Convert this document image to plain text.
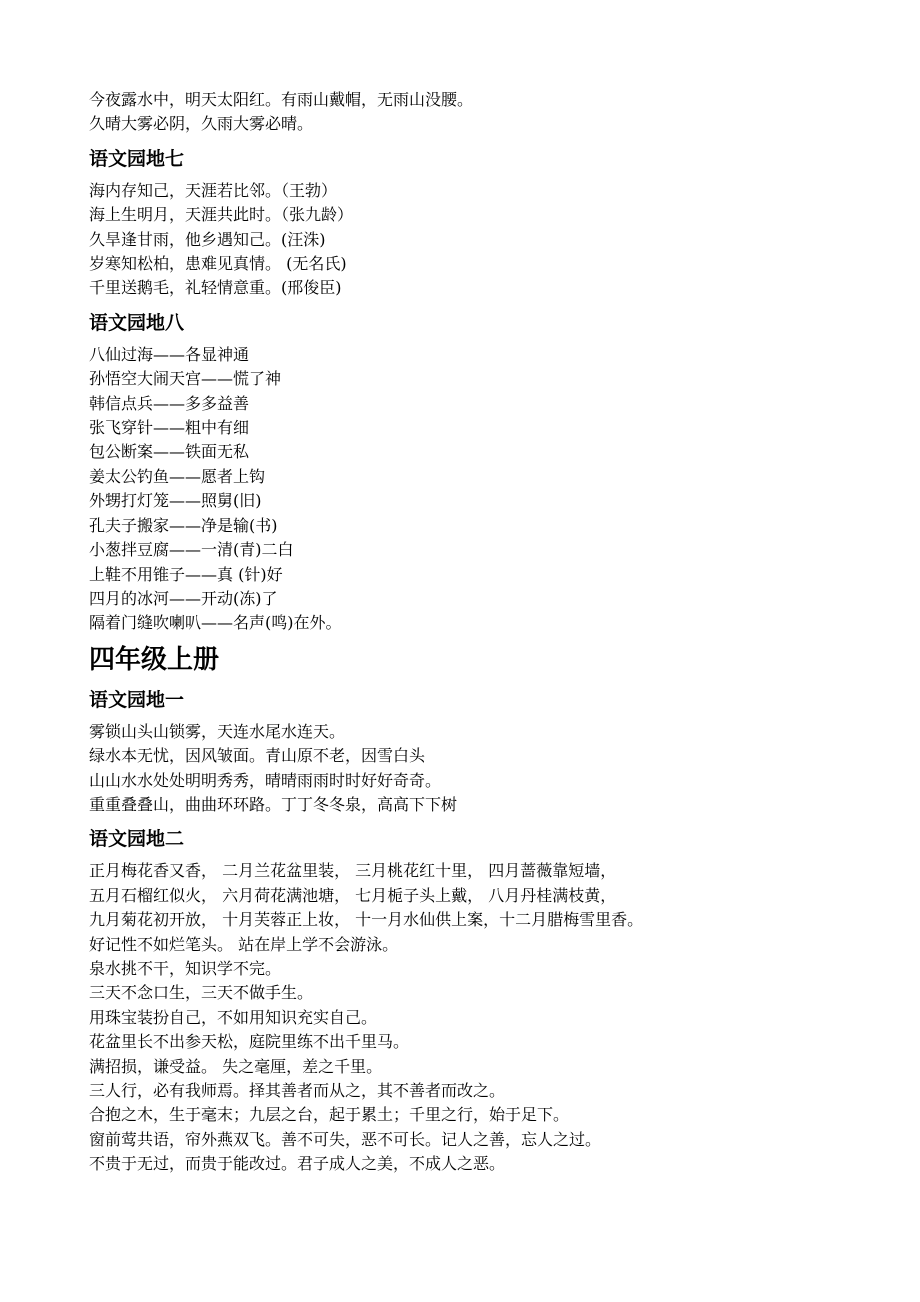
今夜露水中，明天太阳红。有雨山戴帽，无雨山没腰。

久晴大雾必阴，久雨大雾必晴。

语文园地七

海内存知己，天涯若比邻。（王勃）

海上生明月，天涯共此时。（张九龄）

久旱逢甘雨，他乡遇知己。(汪洙)

岁寒知松柏，患难见真情。 (无名氏)

千里送鹅毛，礼轻情意重。(邢俊臣)

语文园地八

八仙过海——各显神通

孙悟空大闹天宫——慌了神

韩信点兵——多多益善

张飞穿针——粗中有细

包公断案——铁面无私

姜太公钓鱼——愿者上钩

外甥打灯笼——照舅(旧)

孔夫子搬家——净是输(书)

小葱拌豆腐——一清(青)二白

上鞋不用锥子——真 (针)好

四月的冰河——开动(冻)了

隔着门缝吹喇叭——名声(鸣)在外。

四年级上册
语文园地一

雾锁山头山锁雾，天连水尾水连天。

绿水本无忧，因风皱面。青山原不老，因雪白头

山山水水处处明明秀秀，晴晴雨雨时时好好奇奇。

重重叠叠山，曲曲环环路。丁丁冬冬泉，高高下下树

语文园地二

正月梅花香又香， 二月兰花盆里装， 三月桃花红十里， 四月蔷薇靠短墙，

五月石榴红似火， 六月荷花满池塘， 七月栀子头上戴， 八月丹桂满枝黄，

九月菊花初开放， 十月芙蓉正上妆， 十一月水仙供上案，十二月腊梅雪里香。

好记性不如烂笔头。 站在岸上学不会游泳。

泉水挑不干，知识学不完。

三天不念口生，三天不做手生。

用珠宝装扮自己，不如用知识充实自己。

花盆里长不出参天松，庭院里练不出千里马。

满招损，谦受益。 失之毫厘，差之千里。

三人行，必有我师焉。择其善者而从之，其不善者而改之。

合抱之木，生于毫末；九层之台，起于累土；千里之行，始于足下。

窗前莺共语，帘外燕双飞。善不可失，恶不可长。记人之善，忘人之过。

不贵于无过，而贵于能改过。君子成人之美，不成人之恶。
